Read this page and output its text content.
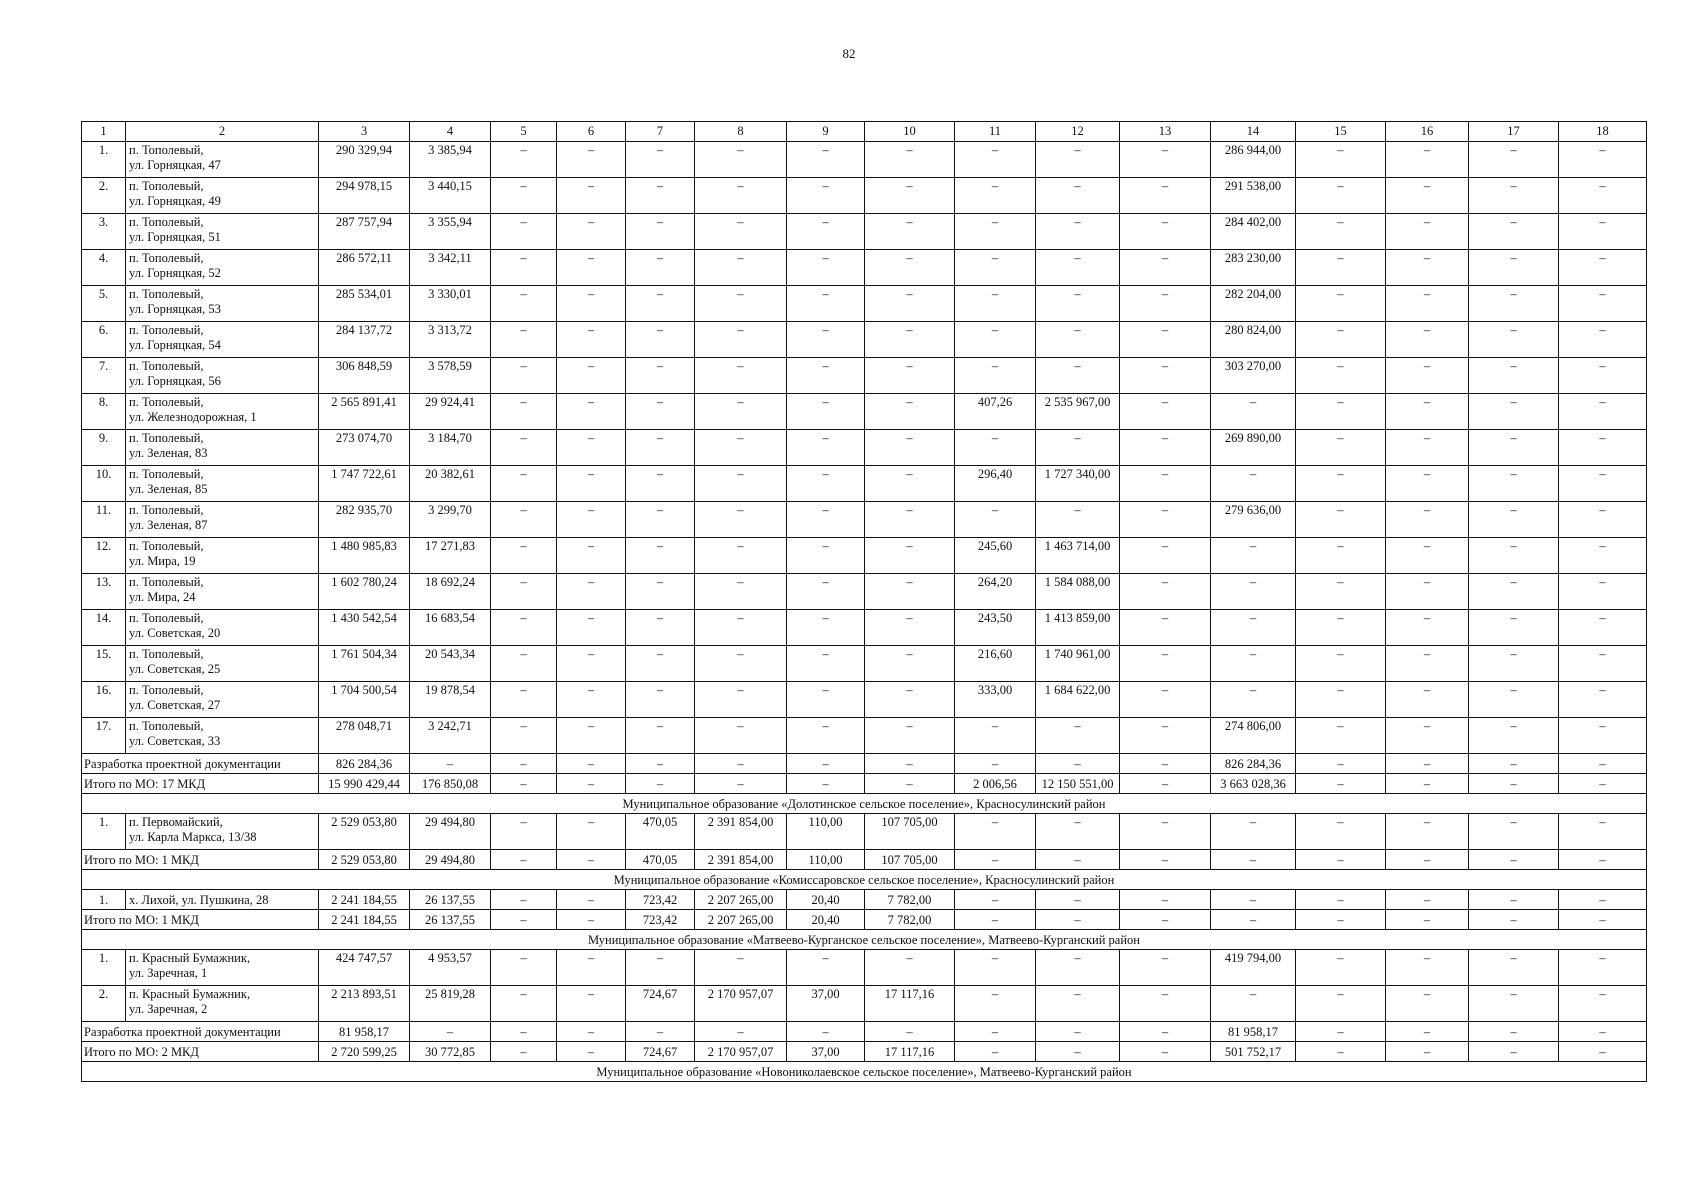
82
1	2	3	4	5	6	7	8	9	10	11	12	13	14	15	16	17	18
1.	п. Тополевый,
ул. Горняцкая, 47	290 329,94	3 385,94	–	–	–	–	–	–	–	–	–	286 944,00	–	–	–	–
2.	п. Тополевый,
ул. Горняцкая, 49	294 978,15	3 440,15	–	–	–	–	–	–	–	–	–	291 538,00	–	–	–	–
3.	п. Тополевый,
ул. Горняцкая, 51	287 757,94	3 355,94	–	–	–	–	–	–	–	–	–	284 402,00	–	–	–	–
4.	п. Тополевый,
ул. Горняцкая, 52	286 572,11	3 342,11	–	–	–	–	–	–	–	–	–	283 230,00	–	–	–	–
5.	п. Тополевый,
ул. Горняцкая, 53	285 534,01	3 330,01	–	–	–	–	–	–	–	–	–	282 204,00	–	–	–	–
6.	п. Тополевый,
ул. Горняцкая, 54	284 137,72	3 313,72	–	–	–	–	–	–	–	–	–	280 824,00	–	–	–	–
7.	п. Тополевый,
ул. Горняцкая, 56	306 848,59	3 578,59	–	–	–	–	–	–	–	–	–	303 270,00	–	–	–	–
8.	п. Тополевый,
ул. Железнодорожная, 1	2 565 891,41	29 924,41	–	–	–	–	–	–	407,26	2 535 967,00	–	–	–	–	–	–
9.	п. Тополевый,
ул. Зеленая, 83	273 074,70	3 184,70	–	–	–	–	–	–	–	–	–	269 890,00	–	–	–	–
10.	п. Тополевый,
ул. Зеленая, 85	1 747 722,61	20 382,61	–	–	–	–	–	–	296,40	1 727 340,00	–	–	–	–	–	–
11.	п. Тополевый,
ул. Зеленая, 87	282 935,70	3 299,70	–	–	–	–	–	–	–	–	–	279 636,00	–	–	–	–
12.	п. Тополевый,
ул. Мира, 19	1 480 985,83	17 271,83	–	–	–	–	–	–	245,60	1 463 714,00	–	–	–	–	–	–
13.	п. Тополевый,
ул. Мира, 24	1 602 780,24	18 692,24	–	–	–	–	–	–	264,20	1 584 088,00	–	–	–	–	–	–
14.	п. Тополевый,
ул. Советская, 20	1 430 542,54	16 683,54	–	–	–	–	–	–	243,50	1 413 859,00	–	–	–	–	–	–
15.	п. Тополевый,
ул. Советская, 25	1 761 504,34	20 543,34	–	–	–	–	–	–	216,60	1 740 961,00	–	–	–	–	–	–
16.	п. Тополевый,
ул. Советская, 27	1 704 500,54	19 878,54	–	–	–	–	–	–	333,00	1 684 622,00	–	–	–	–	–	–
17.	п. Тополевый,
ул. Советская, 33	278 048,71	3 242,71	–	–	–	–	–	–	–	–	–	274 806,00	–	–	–	–
Разработка проектной документации		826 284,36	–	–	–	–	–	–	–	–	–	–	826 284,36	–	–	–	–
Итого по МО: 17 МКД		15 990 429,44	176 850,08	–	–	–	–	–	–	2 006,56	12 150 551,00	–	3 663 028,36	–	–	–	–
Муниципальное образование «Долотинское сельское поселение», Красносулинский район																	
1.	п. Первомайский,
ул. Карла Маркса, 13/38	2 529 053,80	29 494,80	–	–	470,05	2 391 854,00	110,00	107 705,00	–	–	–	–	–	–	–	–
Итого по МО: 1 МКД		2 529 053,80	29 494,80	–	–	470,05	2 391 854,00	110,00	107 705,00	–	–	–	–	–	–	–	–
Муниципальное образование «Комиссаровское сельское поселение», Красносулинский район																	
1.	х. Лихой, ул. Пушкина, 28	2 241 184,55	26 137,55	–	–	723,42	2 207 265,00	20,40	7 782,00	–	–	–	–	–	–	–	–
Итого по МО: 1 МКД		2 241 184,55	26 137,55	–	–	723,42	2 207 265,00	20,40	7 782,00	–	–	–	–	–	–	–	–
Муниципальное образование «Матвеево-Курганское сельское поселение», Матвеево-Курганский район																	
1.	п. Красный Бумажник,
ул. Заречная, 1	424 747,57	4 953,57	–	–	–	–	–	–	–	–	–	419 794,00	–	–	–	–
2.	п. Красный Бумажник,
ул. Заречная, 2	2 213 893,51	25 819,28	–	–	724,67	2 170 957,07	37,00	17 117,16	–	–	–	–	–	–	–	–
Разработка проектной документации		81 958,17	–	–	–	–	–	–	–	–	–	–	81 958,17	–	–	–	–
Итого по МО: 2 МКД		2 720 599,25	30 772,85	–	–	724,67	2 170 957,07	37,00	17 117,16	–	–	–	501 752,17	–	–	–	–
Муниципальное образование «Новониколаевское сельское поселение», Матвеево-Курганский район																	
